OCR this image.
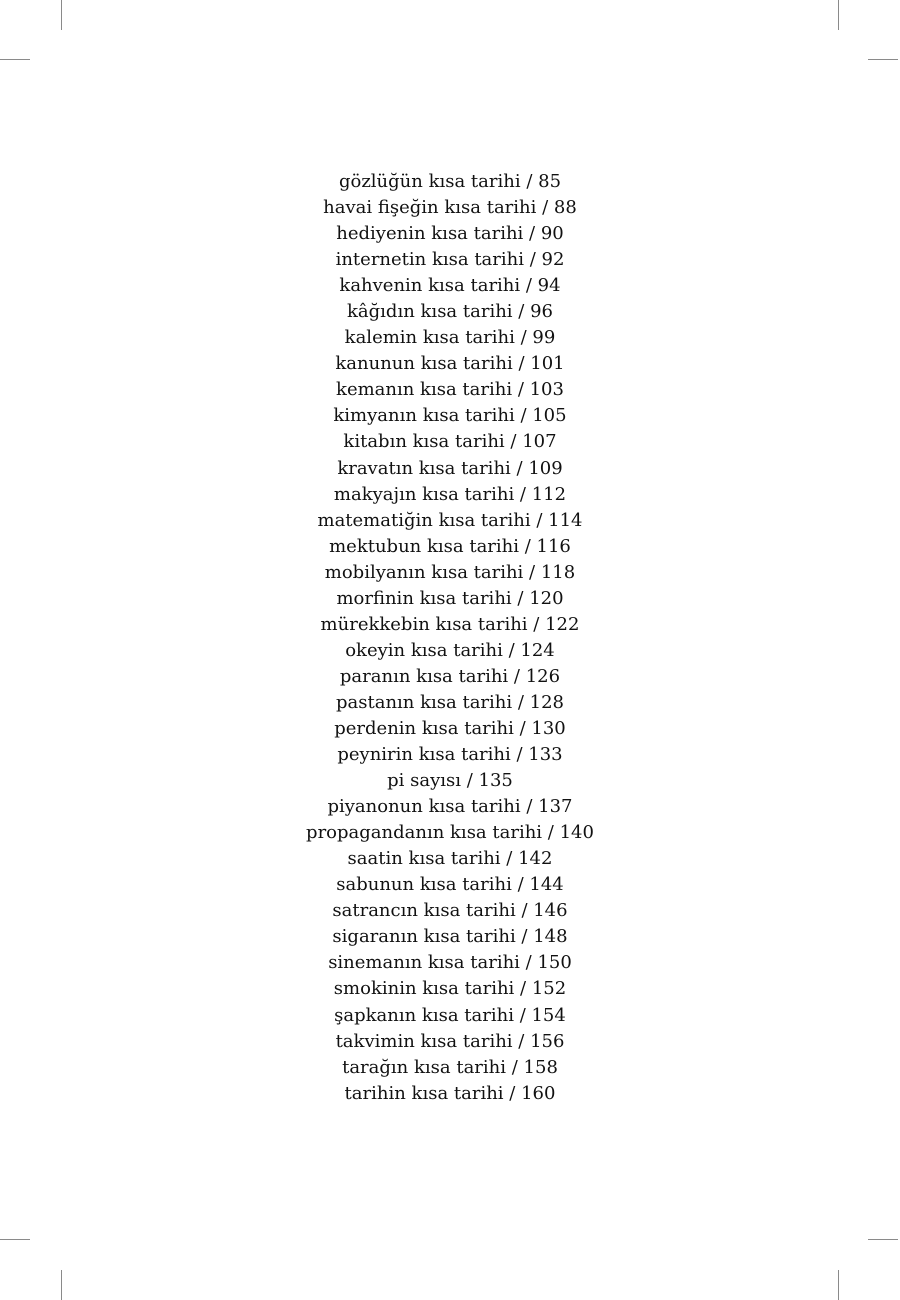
gözlüğün kısa tarihi / 85
havai fişeğin kısa tarihi / 88
hediyenin kısa tarihi / 90
internetin kısa tarihi / 92
kahvenin kısa tarihi / 94
kâğıdın kısa tarihi / 96
kalemin kısa tarihi / 99
kanunun kısa tarihi / 101
kemanın kısa tarihi / 103
kimyanın kısa tarihi / 105
kitabın kısa tarihi / 107
kravatın kısa tarihi / 109
makyajın kısa tarihi / 112
matematiğin kısa tarihi / 114
mektubun kısa tarihi / 116
mobilyanın kısa tarihi / 118
morfinin kısa tarihi / 120
mürekkebin kısa tarihi / 122
okeyin kısa tarihi / 124
paranın kısa tarihi / 126
pastanın kısa tarihi / 128
perdenin kısa tarihi / 130
peynirin kısa tarihi / 133
pi sayısı / 135
piyanonun kısa tarihi / 137
propagandanın kısa tarihi / 140
saatin kısa tarihi / 142
sabunun kısa tarihi / 144
satrancın kısa tarihi / 146
sigaranın kısa tarihi / 148
sinemanın kısa tarihi / 150
smokinin kısa tarihi / 152
şapkanın kısa tarihi / 154
takvimin kısa tarihi / 156
tarağın kısa tarihi / 158
tarihin kısa tarihi / 160
